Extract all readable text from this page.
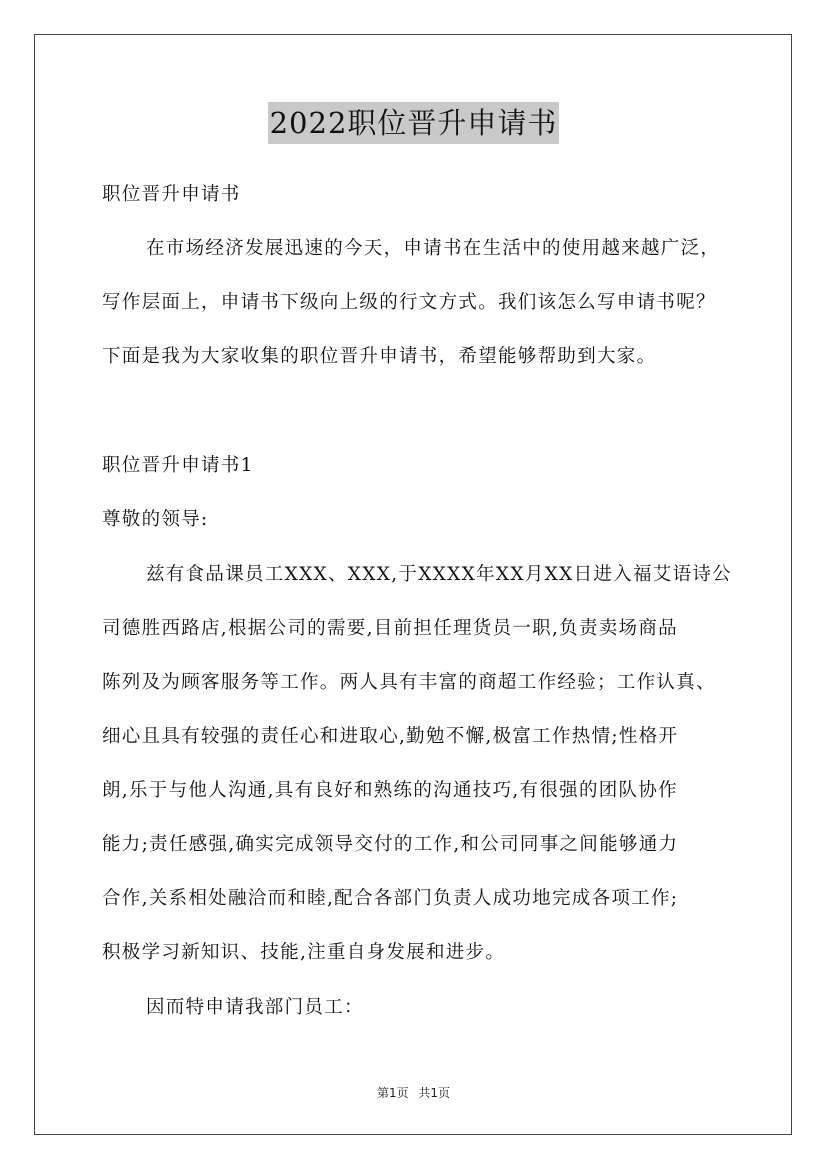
2022职位晋升申请书
职位晋升申请书
在市场经济发展迅速的今天，申请书在生活中的使用越来越广泛，
写作层面上，申请书下级向上级的行文方式。我们该怎么写申请书呢？
下面是我为大家收集的职位晋升申请书，希望能够帮助到大家。
职位晋升申请书1
尊敬的领导:
兹有食品课员工XXX、XXX,于XXXX年XX月XX日进入福艾语诗公
司德胜西路店,根据公司的需要,目前担任理货员一职,负责卖场商品
陈列及为顾客服务等工作。两人具有丰富的商超工作经验；工作认真、
细心且具有较强的责任心和进取心,勤勉不懈,极富工作热情;性格开
朗,乐于与他人沟通,具有良好和熟练的沟通技巧,有很强的团队协作
能力;责任感强,确实完成领导交付的工作,和公司同事之间能够通力
合作,关系相处融洽而和睦,配合各部门负责人成功地完成各项工作;
积极学习新知识、技能,注重自身发展和进步。
因而特申请我部门员工：
第1页 共1页
